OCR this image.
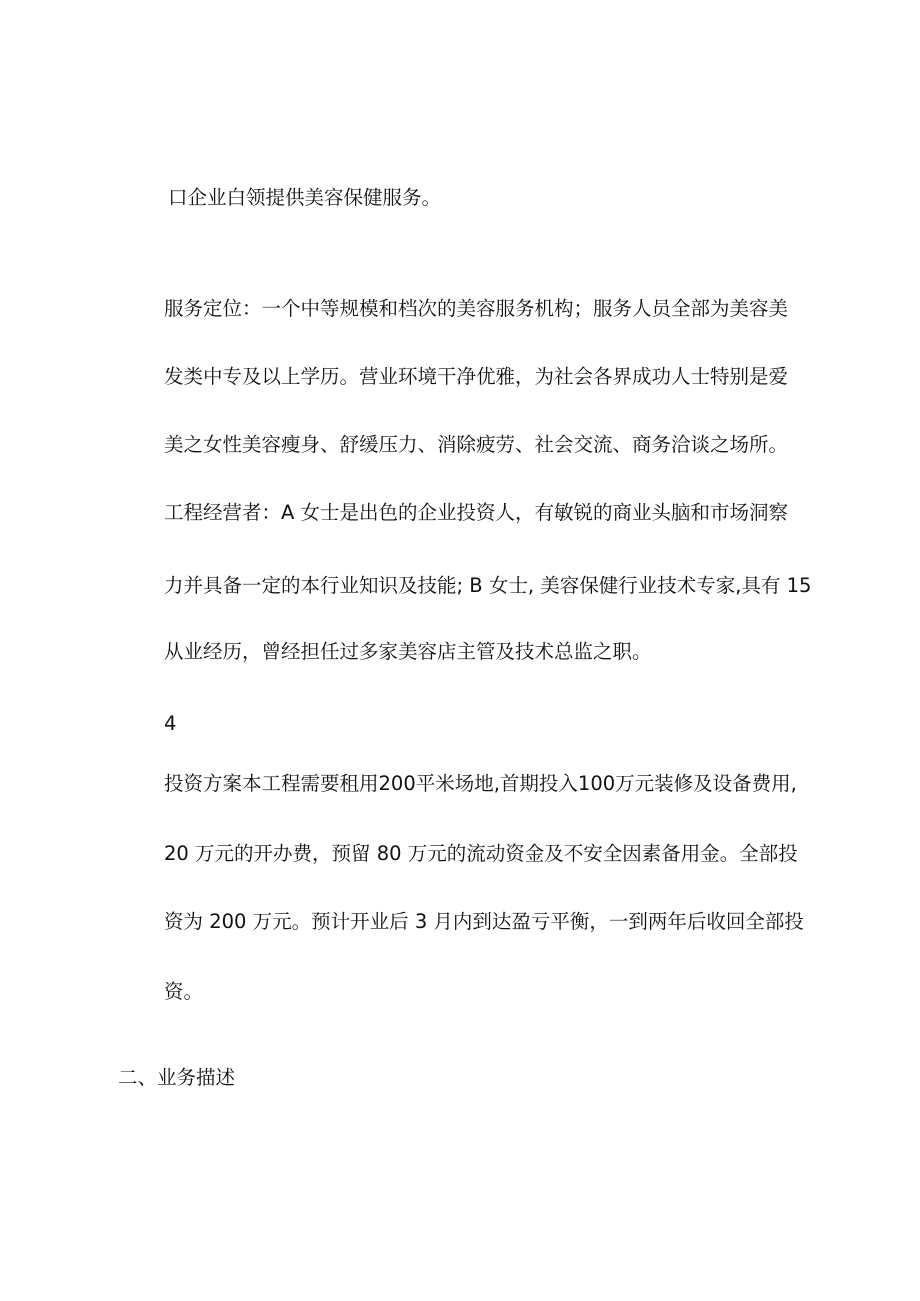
口企业白领提供美容保健服务。
服务定位：一个中等规模和档次的美容服务机构；服务人员全部为美容美
发类中专及以上学历。营业环境干净优雅，为社会各界成功人士特别是爱
美之女性美容瘦身、舒缓压力、消除疲劳、社会交流、商务洽谈之场所。
工程经营者：A 女士是出色的企业投资人，有敏锐的商业头脑和市场洞察
力并具备一定的本行业知识及技能; B 女士, 美容保健行业技术专家,具有 15
从业经历，曾经担任过多家美容店主管及技术总监之职。
4
投资方案本工程需要租用200平米场地,首期投入100万元装修及设备费用,
20 万元的开办费，预留 80 万元的流动资金及不安全因素备用金。全部投
资为 200 万元。预计开业后 3 月内到达盈亏平衡，一到两年后收回全部投
资。
二、业务描述
